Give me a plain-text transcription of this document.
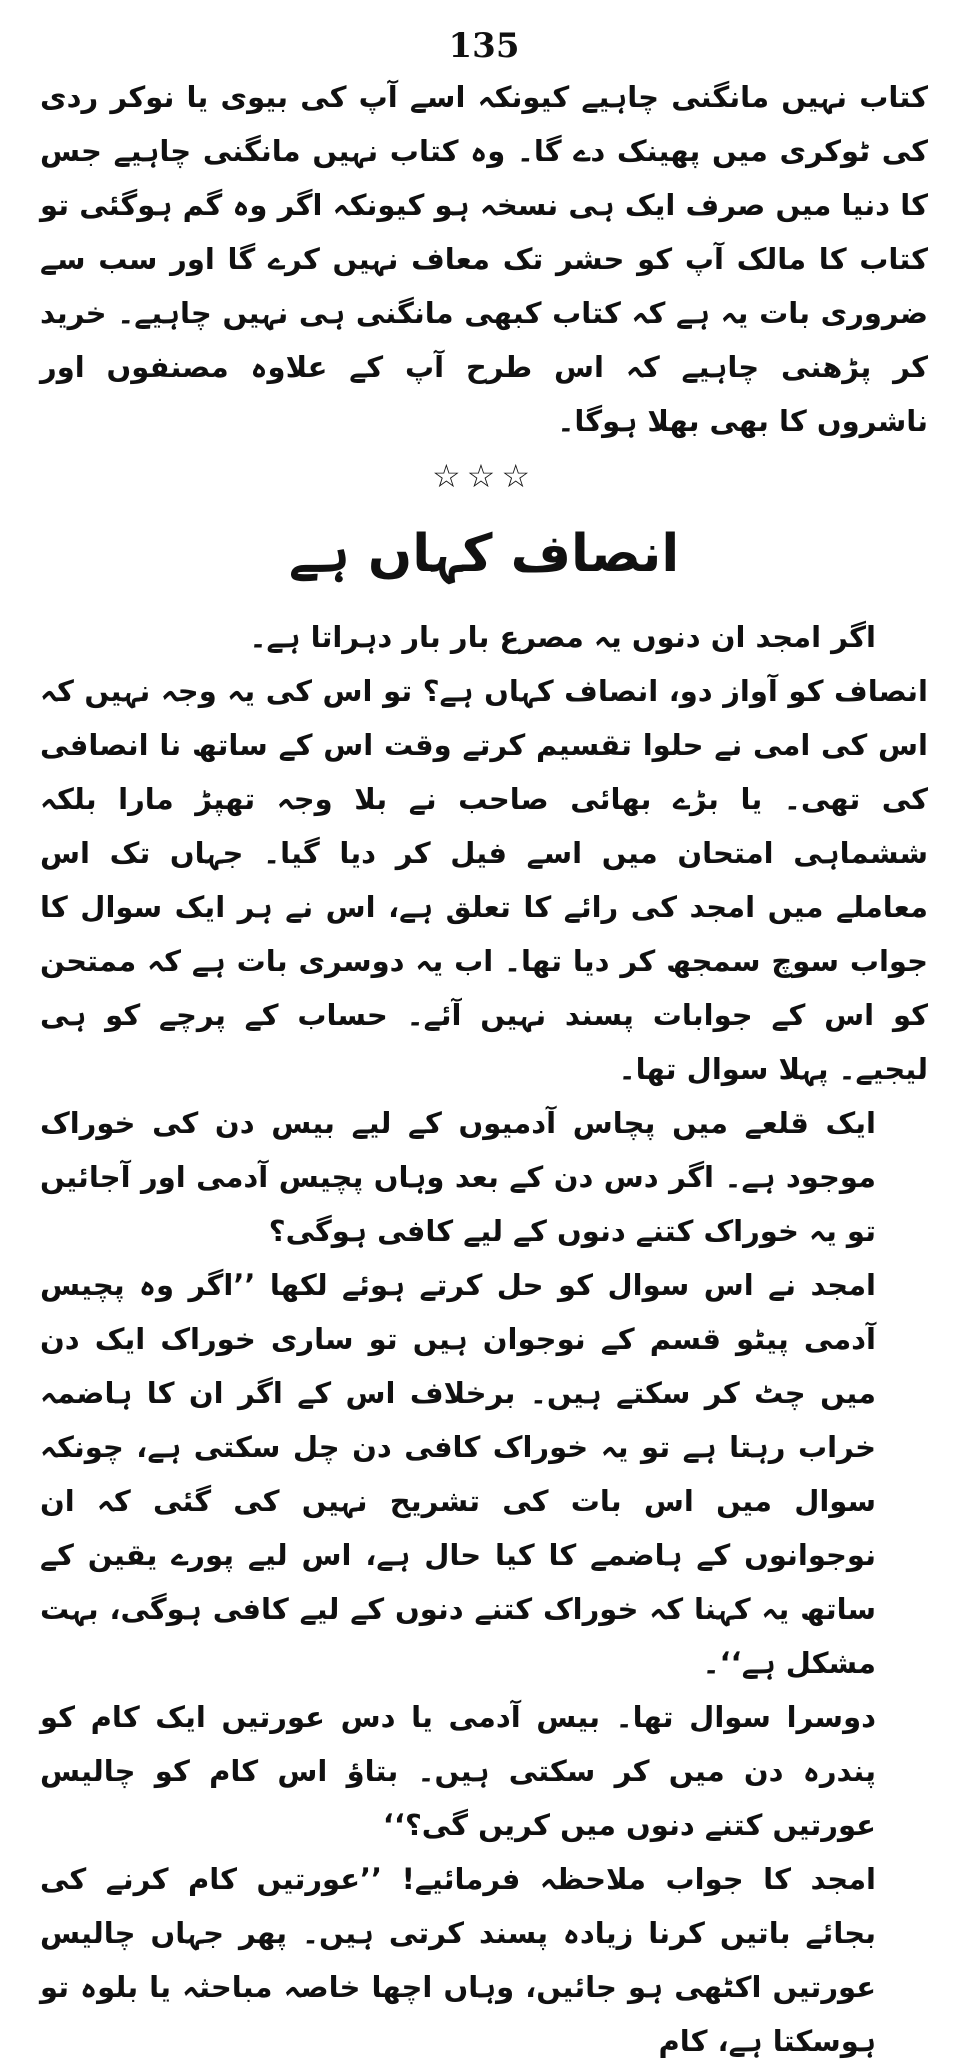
135

کتاب نہیں مانگنی چاہیے کیونکہ اسے آپ کی بیوی یا نوکر ردی کی ٹوکری میں پھینک دے گا۔ وہ کتاب نہیں مانگنی چاہیے جس کا دنیا میں صرف ایک ہی نسخہ ہو کیونکہ اگر وہ گم ہوگئی تو کتاب کا مالک آپ کو حشر تک معاف نہیں کرے گا اور سب سے ضروری بات یہ ہے کہ کتاب کبھی مانگنی ہی نہیں چاہیے۔ خرید کر پڑھنی چاہیے کہ اس طرح آپ کے علاوہ مصنفوں اور ناشروں کا بھی بھلا ہوگا۔

☆☆☆
انصاف کہاں ہے

اگر امجد ان دنوں یہ مصرع بار بار دہراتا ہے۔

انصاف کو آواز دو، انصاف کہاں ہے؟ تو اس کی یہ وجہ نہیں کہ اس کی امی نے حلوا تقسیم کرتے وقت اس کے ساتھ نا انصافی کی تھی۔ یا بڑے بھائی صاحب نے بلا وجہ تھپڑ مارا بلکہ ششماہی امتحان میں اسے فیل کر دیا گیا۔ جہاں تک اس معاملے میں امجد کی رائے کا تعلق ہے، اس نے ہر ایک سوال کا جواب سوچ سمجھ کر دیا تھا۔ اب یہ دوسری بات ہے کہ ممتحن کو اس کے جوابات پسند نہیں آئے۔ حساب کے پرچے کو ہی لیجیے۔ پہلا سوال تھا۔

ایک قلعے میں پچاس آدمیوں کے لیے بیس دن کی خوراک موجود ہے۔ اگر دس دن کے بعد وہاں پچیس آدمی اور آجائیں تو یہ خوراک کتنے دنوں کے لیے کافی ہوگی؟

امجد نے اس سوال کو حل کرتے ہوئے لکھا ’’اگر وہ پچیس آدمی پیٹو قسم کے نوجوان ہیں تو ساری خوراک ایک دن میں چٹ کر سکتے ہیں۔ برخلاف اس کے اگر ان کا ہاضمہ خراب رہتا ہے تو یہ خوراک کافی دن چل سکتی ہے، چونکہ سوال میں اس بات کی تشریح نہیں کی گئی کہ ان نوجوانوں کے ہاضمے کا کیا حال ہے، اس لیے پورے یقین کے ساتھ یہ کہنا کہ خوراک کتنے دنوں کے لیے کافی ہوگی، بہت مشکل ہے‘‘۔

دوسرا سوال تھا۔ بیس آدمی یا دس عورتیں ایک کام کو پندرہ دن میں کر سکتی ہیں۔ بتاؤ اس کام کو چالیس عورتیں کتنے دنوں میں کریں گی؟‘‘

امجد کا جواب ملاحظہ فرمائیے! ’’عورتیں کام کرنے کی بجائے باتیں کرنا زیادہ پسند کرتی ہیں۔ پھر جہاں چالیس عورتیں اکٹھی ہو جائیں، وہاں اچھا خاصہ مباحثہ یا بلوہ تو ہوسکتا ہے، کام
